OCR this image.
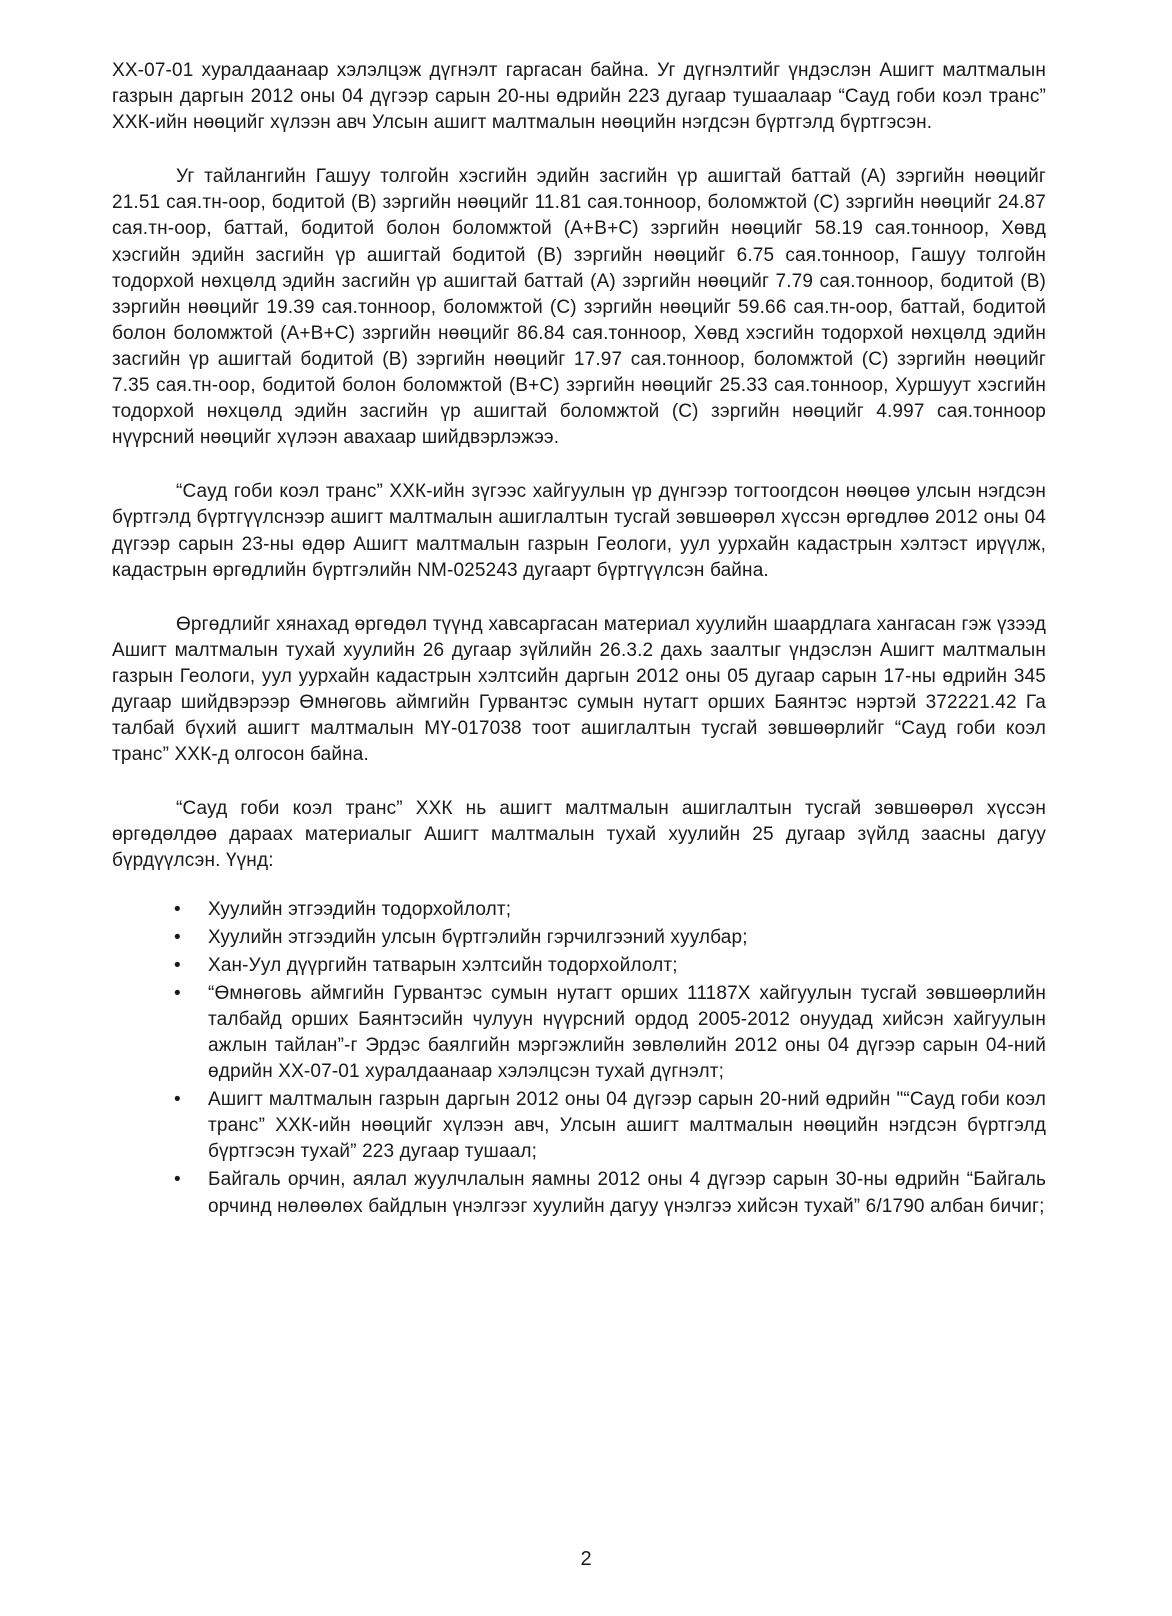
XX-07-01 хуралдаанаар хэлэлцэж дүгнэлт гаргасан байна. Уг дүгнэлтийг үндэслэн Ашигт малтмалын газрын даргын 2012 оны 04 дүгээр сарын 20-ны өдрийн 223 дугаар тушаалаар “Сауд гоби коэл транс” ХХК-ийн нөөцийг хүлээн авч Улсын ашигт малтмалын нөөцийн нэгдсэн бүртгэлд бүртгэсэн.

Уг тайлангийн Гашуу толгойн хэсгийн эдийн засгийн үр ашигтай баттай (А) зэргийн нөөцийг 21.51 сая.тн-оор, бодитой (В) зэргийн нөөцийг 11.81 сая.тонноор, боломжтой (С) зэргийн нөөцийг 24.87 сая.тн-оор, баттай, бодитой болон боломжтой (А+В+С) зэргийн нөөцийг 58.19 сая.тонноор, Хөвд хэсгийн эдийн засгийн үр ашигтай бодитой (В) зэргийн нөөцийг 6.75 сая.тонноор, Гашуу толгойн тодорхой нөхцөлд эдийн засгийн үр ашигтай баттай (А) зэргийн нөөцийг 7.79 сая.тонноор, бодитой (В) зэргийн нөөцийг 19.39 сая.тонноор, боломжтой (С) зэргийн нөөцийг 59.66 сая.тн-оор, баттай, бодитой болон боломжтой (А+В+С) зэргийн нөөцийг 86.84 сая.тонноор, Хөвд хэсгийн тодорхой нөхцөлд эдийн засгийн үр ашигтай бодитой (В) зэргийн нөөцийг 17.97 сая.тонноор, боломжтой (С) зэргийн нөөцийг 7.35 сая.тн-оор, бодитой болон боломжтой (В+С) зэргийн нөөцийг 25.33 сая.тонноор, Хуршуут хэсгийн тодорхой нөхцөлд эдийн засгийн үр ашигтай боломжтой (С) зэргийн нөөцийг 4.997 сая.тонноор нүүрсний нөөцийг хүлээн авахаар шийдвэрлэжээ.

“Сауд гоби коэл транс” ХХК-ийн зүгээс хайгуулын үр дүнгээр тогтоогдсон нөөцөө улсын нэгдсэн бүртгэлд бүртгүүлснээр ашигт малтмалын ашиглалтын тусгай зөвшөөрөл хүссэн өргөдлөө 2012 оны 04 дүгээр сарын 23-ны өдөр Ашигт малтмалын газрын Геологи, уул уурхайн кадастрын хэлтэст ирүүлж, кадастрын өргөдлийн бүртгэлийн NM-025243 дугаарт бүртгүүлсэн байна.

Өргөдлийг хянахад өргөдөл түүнд хавсаргасан материал хуулийн шаардлага хангасан гэж үзээд Ашигт малтмалын тухай хуулийн 26 дугаар зүйлийн 26.3.2 дахь заалтыг үндэслэн Ашигт малтмалын газрын Геологи, уул уурхайн кадастрын хэлтсийн даргын 2012 оны 05 дугаар сарын 17-ны өдрийн 345 дугаар шийдвэрээр Өмнөговь аймгийн Гурвантэс сумын нутагт орших Баянтэс нэртэй 372221.42 Га талбай бүхий ашигт малтмалын МҮ-017038 тоот ашиглалтын тусгай зөвшөөрлийг “Сауд гоби коэл транс” ХХК-д олгосон байна.

“Сауд гоби коэл транс” ХХК нь ашигт малтмалын ашиглалтын тусгай зөвшөөрөл хүссэн өргөдөлдөө дараах материалыг Ашигт малтмалын тухай хуулийн 25 дугаар зүйлд заасны дагуу бүрдүүлсэн. Үүнд:

• Хуулийн этгээдийн тодорхойлолт;
• Хуулийн этгээдийн улсын бүртгэлийн гэрчилгээний хуулбар;
• Хан-Уул дүүргийн татварын хэлтсийн тодорхойлолт;
• “Өмнөговь аймгийн Гурвантэс сумын нутагт орших 11187Х хайгуулын тусгай зөвшөөрлийн талбайд орших Баянтэсийн чулуун нүүрсний ордод 2005-2012 онуудад хийсэн хайгуулын ажлын тайлан”-г Эрдэс баялгийн мэргэжлийн зөвлөлийн 2012 оны 04 дүгээр сарын 04-ний өдрийн XX-07-01 хуралдаанаар хэлэлцсэн тухай дүгнэлт;
• Ашигт малтмалын газрын даргын 2012 оны 04 дүгээр сарын 20-ний өдрийн "“Сауд гоби коэл транс” ХХК-ийн нөөцийг хүлээн авч, Улсын ашигт малтмалын нөөцийн нэгдсэн бүртгэлд бүртгэсэн тухай” 223 дугаар тушаал;
• Байгаль орчин, аялал жуулчлалын яамны 2012 оны 4 дүгээр сарын 30-ны өдрийн “Байгаль орчинд нөлөөлөх байдлын үнэлгээг хуулийн дагуу үнэлгээ хийсэн тухай” 6/1790 албан бичиг;
2
